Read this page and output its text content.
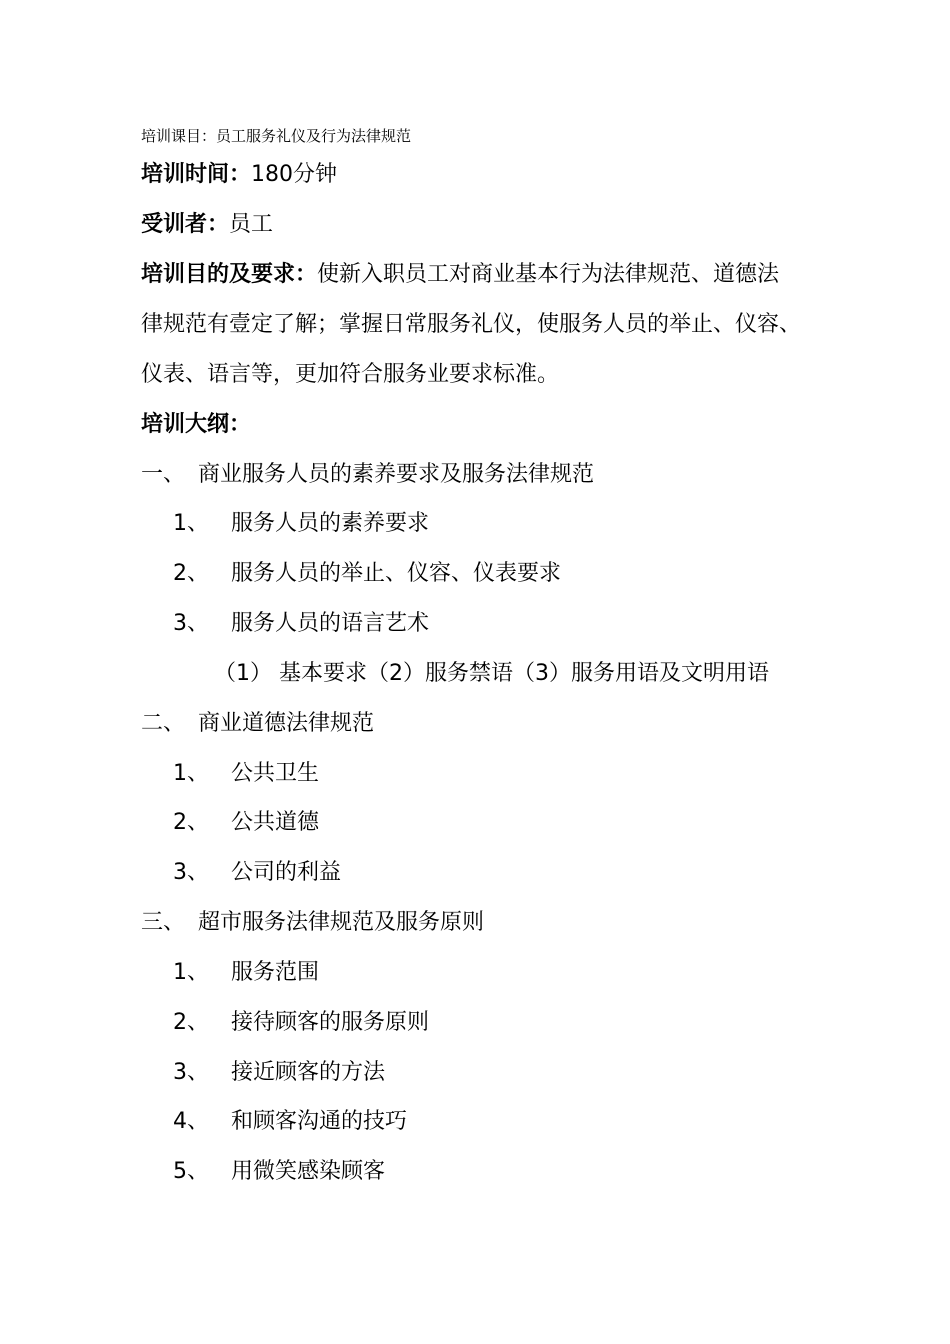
培训课目：员工服务礼仪及行为法律规范
培训时间：180分钟
受训者：员工
培训目的及要求：使新入职员工对商业基本行为法律规范、道德法
律规范有壹定了解；掌握日常服务礼仪，使服务人员的举止、仪容、
仪表、语言等，更加符合服务业要求标准。
培训大纲：
一、 商业服务人员的素养要求及服务法律规范
1、 服务人员的素养要求
2、 服务人员的举止、仪容、仪表要求
3、 服务人员的语言艺术
（1） 基本要求（2）服务禁语（3）服务用语及文明用语
二、 商业道德法律规范
1、 公共卫生
2、 公共道德
3、 公司的利益
三、 超市服务法律规范及服务原则
1、 服务范围
2、 接待顾客的服务原则
3、 接近顾客的方法
4、 和顾客沟通的技巧
5、 用微笑感染顾客
